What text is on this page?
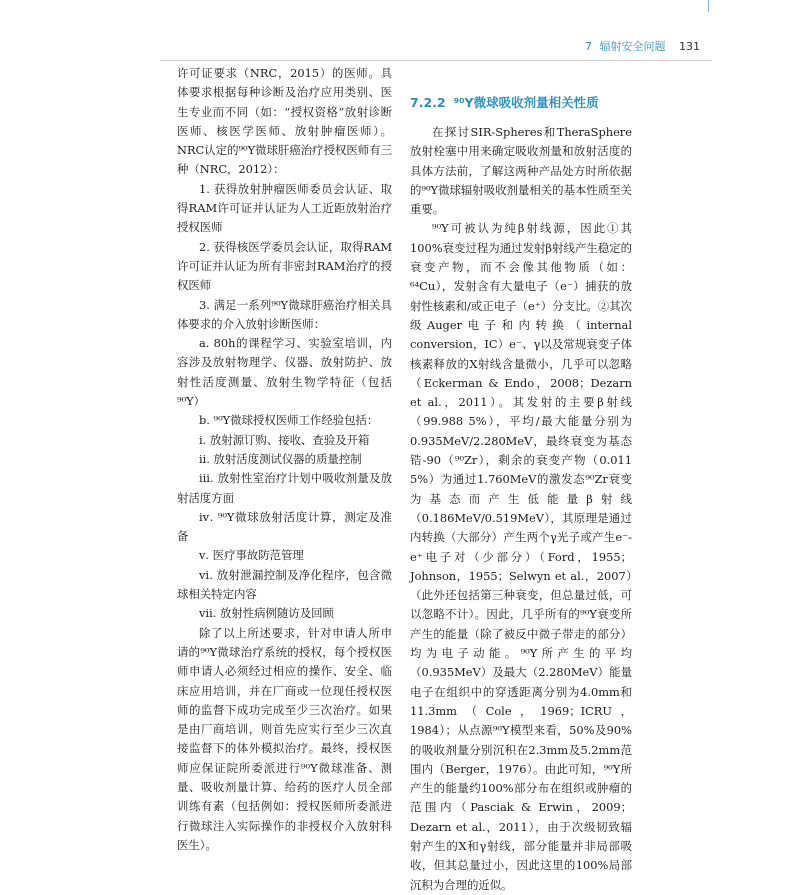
7 辐射安全问题 131

许可证要求（NRC，2015）的医师。具体要求根据每种诊断及治疗应用类别、医生专业而不同（如：“授权资格”放射诊断医师、核医学医师、放射肿瘤医师）。NRC认定的⁹⁰Y微球肝癌治疗授权医师有三种（NRC，2012）：

1. 获得放射肿瘤医师委员会认证、取得RAM许可证并认证为人工近距放射治疗授权医师

2. 获得核医学委员会认证，取得RAM许可证并认证为所有非密封RAM治疗的授权医师

3. 满足一系列⁹⁰Y微球肝癌治疗相关具体要求的介入放射诊断医师：

a. 80h的课程学习、实验室培训，内容涉及放射物理学、仪器、放射防护、放射性活度测量、放射生物学特征（包括⁹⁰Y）

b. ⁹⁰Y微球授权医师工作经验包括：

ⅰ. 放射源订购、接收、查验及开箱

ⅱ. 放射活度测试仪器的质量控制

ⅲ. 放射性室治疗计划中吸收剂量及放射活度方面

ⅳ. ⁹⁰Y微球放射活度计算，测定及准备

ⅴ. 医疗事故防范管理

ⅵ. 放射泄漏控制及净化程序，包含微球相关特定内容

ⅶ. 放射性病例随访及回顾

除了以上所述要求，针对申请人所申请的⁹⁰Y微球治疗系统的授权，每个授权医师申请人必须经过相应的操作、安全、临床应用培训，并在厂商或一位现任授权医师的监督下成功完成至少三次治疗。如果是由厂商培训，则首先应实行至少三次直接监督下的体外模拟治疗。最终，授权医师应保证院所委派进行⁹⁰Y微球准备、测量、吸收剂量计算、给药的医疗人员全部训练有素（包括例如：授权医师所委派进行微球注入实际操作的非授权介入放射科医生）。

7.2.2 ⁹⁰Y微球吸收剂量相关性质

在探讨SIR-Spheres和TheraSphere放射栓塞中用来确定吸收剂量和放射活度的具体方法前，了解这两种产品处方时所依据的⁹⁰Y微球辐射吸收剂量相关的基本性质至关重要。

⁹⁰Y可被认为纯β射线源，因此①其100%衰变过程为通过发射β射线产生稳定的衰变产物，而不会像其他物质（如：⁶⁴Cu），发射含有大量电子（e⁻）捕获的放射性核素和/或正电子（e⁺）分支比。②其次级Auger电子和内转换（internal conversion，IC）e⁻、γ以及常规衰变子体核素释放的X射线含量微小，几乎可以忽略（Eckerman & Endo，2008；Dezarn et al.，2011）。其发射的主要β射线（99.988 5%），平均/最大能量分别为0.935MeV/2.280MeV，最终衰变为基态锆-90（⁹⁰Zr），剩余的衰变产物（0.011 5%）为通过1.760MeV的激发态⁹⁰Zr衰变为基态而产生低能量β射线（0.186MeV/0.519MeV），其原理是通过内转换（大部分）产生两个γ光子或产生e⁻-e⁺电子对（少部分）（Ford，1955；Johnson，1955；Selwyn et al.，2007）（此外还包括第三种衰变，但总量过低，可以忽略不计）。因此，几乎所有的⁹⁰Y衰变所产生的能量（除了被反中微子带走的部分）均为电子动能。⁹⁰Y所产生的平均（0.935MeV）及最大（2.280MeV）能量电子在组织中的穿透距离分别为4.0mm和11.3mm（Cole，1969；ICRU，1984）；从点源⁹⁰Y模型来看，50%及90%的吸收剂量分别沉积在2.3mm及5.2mm范围内（Berger，1976）。由此可知，⁹⁰Y所产生的能量约100%部分布在组织或肿瘤的范围内（Pasciak & Erwin，2009；Dezarn et al.，2011），由于次级韧致辐射产生的X和γ射线，部分能量并非局部吸收，但其总量过小，因此这里的100%局部沉积为合理的近似。
